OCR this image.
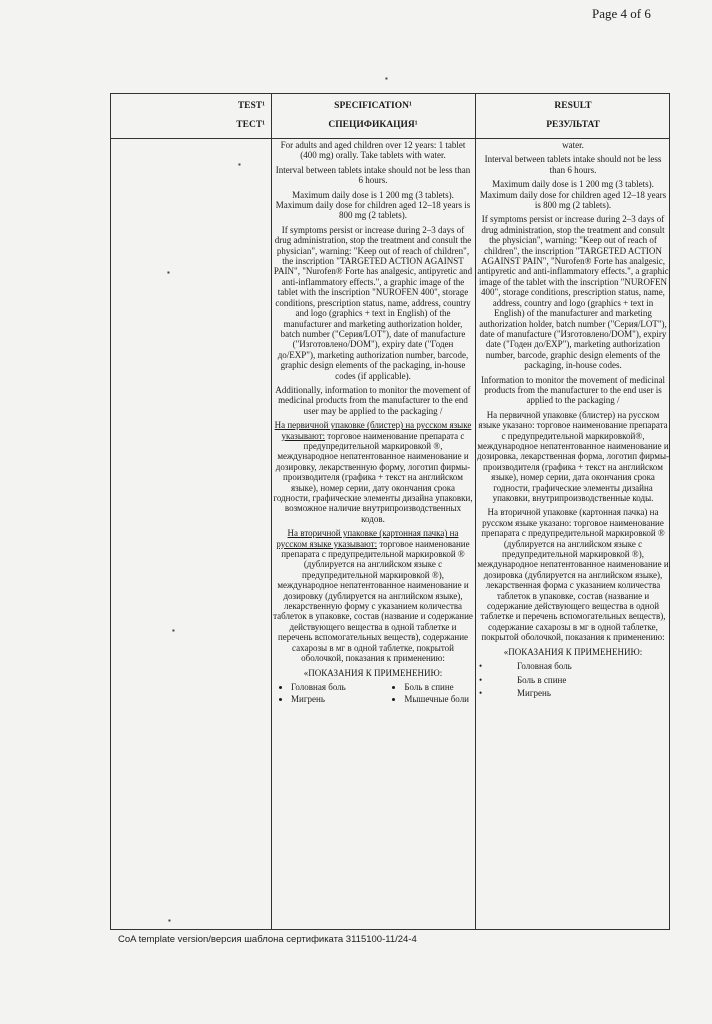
Page 4 of 6
TEST¹
ТЕСТ¹
SPECIFICATION¹
СПЕЦИФИКАЦИЯ¹
RESULT
РЕЗУЛЬТАТ

For adults and aged children over 12 years: 1 tablet (400 mg) orally. Take tablets with water.

Interval between tablets intake should not be less than 6 hours.

Maximum daily dose is 1 200 mg (3 tablets). Maximum daily dose for children aged 12–18 years is 800 mg (2 tablets).

If symptoms persist or increase during 2–3 days of drug administration, stop the treatment and consult the physician", warning: "Keep out of reach of children", the inscription "TARGETED ACTION AGAINST PAIN", "Nurofen® Forte has analgesic, antipyretic and anti-inflammatory effects.", a graphic image of the tablet with the inscription "NUROFEN 400", storage conditions, prescription status, name, address, country and logo (graphics + text in English) of the manufacturer and marketing authorization holder, batch number ("Серия/LOT"), date of manufacture ("Изготовлено/DOM"), expiry date ("Годен до/EXP"), marketing authorization number, barcode, graphic design elements of the packaging, in-house codes (if applicable).

Additionally, information to monitor the movement of medicinal products from the manufacturer to the end user may be applied to the packaging /

На первичной упаковке (блистер) на русском языке указывают: торговое наименование препарата с предупредительной маркировкой ®, международное непатентованное наименование и дозировку, лекарственную форму, логотип фирмы-производителя (графика + текст на английском языке), номер серии, дату окончания срока годности, графические элементы дизайна упаковки, возможное наличие внутрипроизводственных кодов.

На вторичной упаковке (картонная пачка) на русском языке указывают: торговое наименование препарата с предупредительной маркировкой ® (дублируется на английском языке с предупредительной маркировкой ®), международное непатентованное наименование и дозировку (дублируется на английском языке), лекарственную форму с указанием количества таблеток в упаковке, состав (название и содержание действующего вещества в одной таблетке и перечень вспомогательных веществ), содержание сахарозы в мг в одной таблетке, покрытой оболочкой, показания к применению:

«ПОКАЗАНИЯ К ПРИМЕНЕНИЮ:

• Головная боль
• Мигрень
• Боль в спине
• Мышечные боли

water.

Interval between tablets intake should not be less than 6 hours.

Maximum daily dose is 1 200 mg (3 tablets). Maximum daily dose for children aged 12–18 years is 800 mg (2 tablets).

If symptoms persist or increase during 2–3 days of drug administration, stop the treatment and consult the physician", warning: "Keep out of reach of children", the inscription "TARGETED ACTION AGAINST PAIN", "Nurofen® Forte has analgesic, antipyretic and anti-inflammatory effects.", a graphic image of the tablet with the inscription "NUROFEN 400", storage conditions, prescription status, name, address, country and logo (graphics + text in English) of the manufacturer and marketing authorization holder, batch number ("Серия/LOT"), date of manufacture ("Изготовлено/DOM"), expiry date ("Годен до/EXP"), marketing authorization number, barcode, graphic design elements of the packaging, in-house codes.

Information to monitor the movement of medicinal products from the manufacturer to the end user is applied to the packaging /

На первичной упаковке (блистер) на русском языке указано: торговое наименование препарата с предупредительной маркировкой®, международное непатентованное наименование и дозировка, лекарственная форма, логотип фирмы-производителя (графика + текст на английском языке), номер серии, дата окончания срока годности, графические элементы дизайна упаковки, внутрипроизводственные коды.

На вторичной упаковке (картонная пачка) на русском языке указано: торговое наименование препарата с предупредительной маркировкой ® (дублируется на английском языке с предупредительной маркировкой ®), международное непатентованное наименование и дозировка (дублируется на английском языке), лекарственная форма с указанием количества таблеток в упаковке, состав (название и содержание действующего вещества в одной таблетке и перечень вспомогательных веществ), содержание сахарозы в мг в одной таблетке, покрытой оболочкой, показания к применению:

«ПОКАЗАНИЯ К ПРИМЕНЕНИЮ:

• Головная боль
• Боль в спине
• Мигрень
▪
▪
▪
▪
▪
CoA template version/версия шаблона сертификата 3115100-11/24-4
